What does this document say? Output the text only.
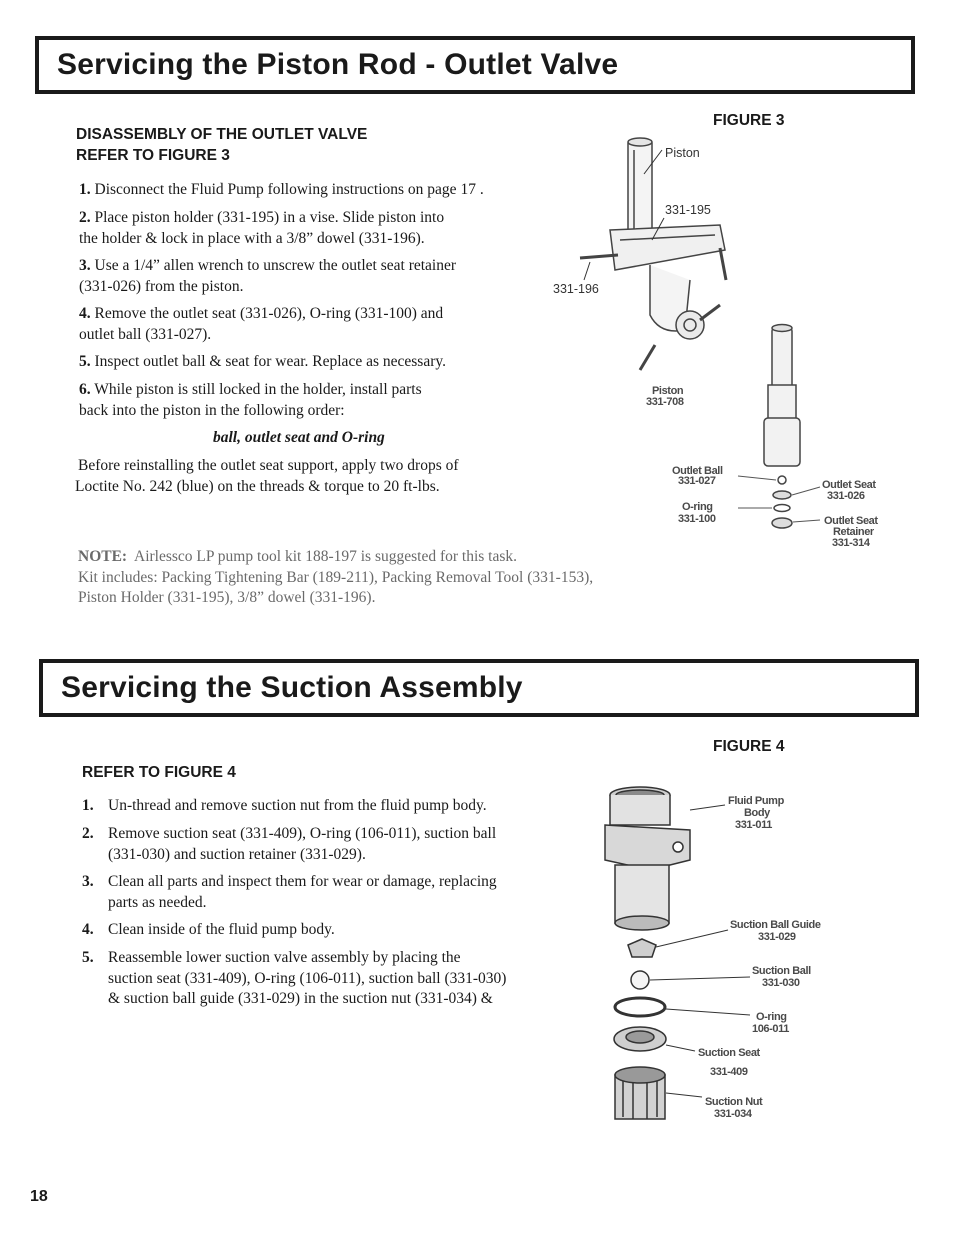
Servicing the Piston Rod - Outlet Valve
DISASSEMBLY OF THE OUTLET VALVE
REFER TO FIGURE 3
FIGURE 3
1. Disconnect the Fluid Pump following instructions on page 17 .
2. Place piston holder (331-195) in a vise. Slide piston into
the holder & lock in place with a 3/8” dowel (331-196).
3. Use a 1/4” allen wrench to unscrew the outlet seat retainer
(331-026) from the piston.
4. Remove the outlet seat (331-026), O-ring (331-100) and
outlet ball (331-027).
5. Inspect outlet ball & seat for wear. Replace as necessary.
6. While piston is still locked in the holder, install parts
back into the piston in the following order:
ball, outlet seat and O-ring
Before reinstalling the outlet seat support, apply two drops of
Loctite No. 242 (blue) on the threads & torque to 20 ft-lbs.
NOTE: Airlessco LP pump tool kit 188-197 is suggested for this task.
Kit includes: Packing Tightening Bar (189-211), Packing Removal Tool (331-153),
Piston Holder (331-195), 3/8” dowel (331-196).
Piston
331-708
Outlet Ball
331-027
O-ring
331-100
Outlet Seat
331-026
Outlet Seat
Retainer
331-314
Piston
331-195
331-196
Servicing the Suction Assembly
FIGURE 4
REFER TO FIGURE 4
1. Un-thread and remove suction nut from the fluid pump body.
2. Remove suction seat (331-409), O-ring (106-011), suction ball
(331-030) and suction retainer (331-029).
3. Clean all parts and inspect them for wear or damage, replacing
parts as needed.
4. Clean inside of the fluid pump body.
5. Reassemble lower suction valve assembly by placing the
suction seat (331-409), O-ring (106-011), suction ball (331-030)
& suction ball guide (331-029) in the suction nut (331-034) &
Fluid Pump
Body
331-011
Suction Ball Guide
331-029
Suction Ball
331-030
O-ring
106-011
Suction Seat
331-409
Suction Nut
331-034
18
